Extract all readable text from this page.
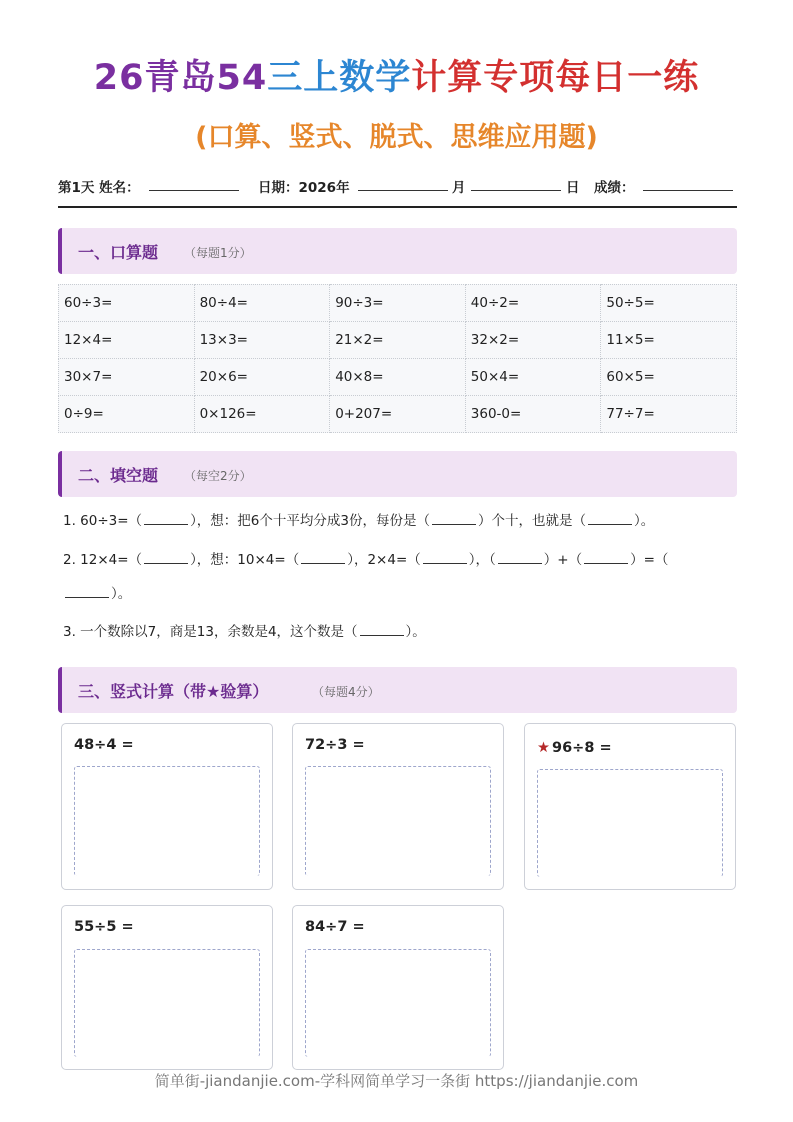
26青岛54三上数学计算专项每日一练
(口算、竖式、脱式、思维应用题)
第1天 姓名：	日期：2026年	月	日 成绩：
一、口算题 （每题1分）
60÷3=	80÷4=	90÷3=	40÷2=	50÷5=
12×4=	13×3=	21×2=	32×2=	11×5=
30×7=	20×6=	40×8=	50×4=	60×5=
0÷9=	0×126=	0+207=	360-0=	77÷7=
二、填空题 （每空2分）
1. 60÷3=（	），想：把6个十平均分成3份，每份是（	）个十，也就是（	）。
2. 12×4=（	），想：10×4=（	），2×4=（	），（	）+（	）=（
）。
3. 一个数除以7，商是13，余数是4，这个数是（	）。
三、竖式计算（带★验算）	（每题4分）
48÷4 =	72÷3 =	★ 96÷8 =
55÷5 =	84÷7 =
简单街-jiandanjie.com-学科网简单学习一条街 https://jiandanjie.com
